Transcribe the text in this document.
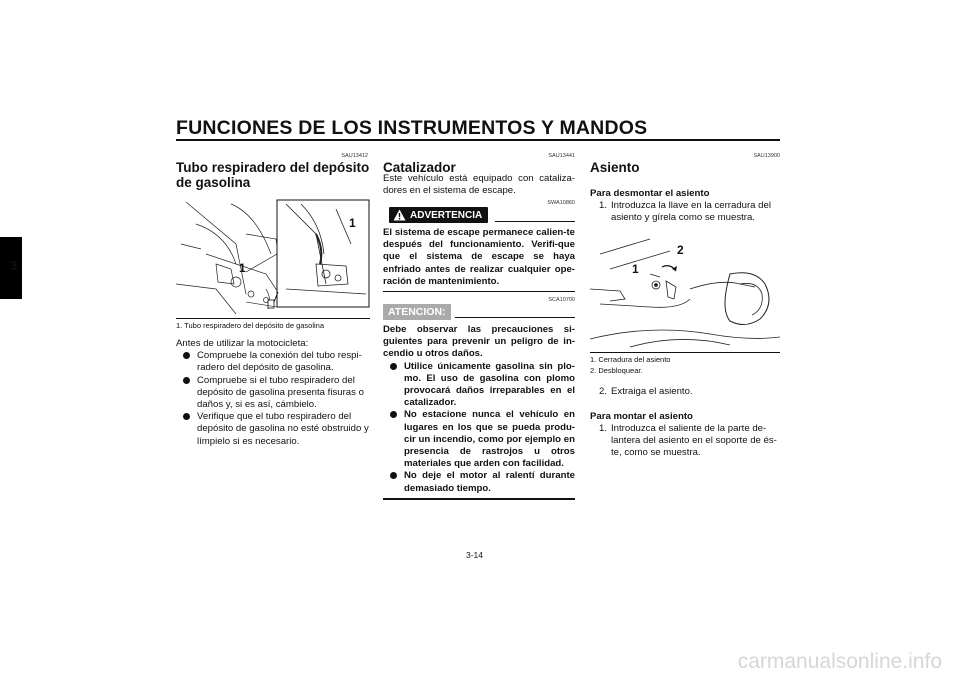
FUNCIONES DE LOS INSTRUMENTOS Y MANDOS
3
SAU13412
Tubo respiradero del depósito de gasolina
1
1
1. Tubo respiradero del depósito de gasolina
Antes de utilizar la motocicleta:
Compruebe la conexión del tubo respi-radero del depósito de gasolina.
Compruebe si el tubo respiradero del depósito de gasolina presenta fisuras o daños y, si es así, cámbielo.
Verifique que el tubo respiradero del depósito de gasolina no esté obstruido y límpielo si es necesario.
SAU13441
Catalizador
Este vehículo está equipado con cataliza-dores en el sistema de escape.
SWA10860
ADVERTENCIA
El sistema de escape permanece calien-te después del funcionamiento. Verifi-que que el sistema de escape se haya enfriado antes de realizar cualquier ope-ración de mantenimiento.
SCA10700
ATENCION:
Debe observar las precauciones si-guientes para prevenir un peligro de in-cendio u otros daños.
Utilice únicamente gasolina sin plo-mo. El uso de gasolina con plomo provocará daños irreparables en el catalizador.
No estacione nunca el vehículo en lugares en los que se pueda produ-cir un incendio, como por ejemplo en presencia de rastrojos u otros materiales que arden con facilidad.
No deje el motor al ralentí durante demasiado tiempo.
SAU13900
Asiento
Para desmontar el asiento
1. Introduzca la llave en la cerradura del asiento y gírela como se muestra.
1
2
1. Cerradura del asiento
2. Desbloquear.
2. Extraiga el asiento.
Para montar el asiento
1. Introduzca el saliente de la parte de-lantera del asiento en el soporte de és-te, como se muestra.
3-14
carmanualsonline.info
